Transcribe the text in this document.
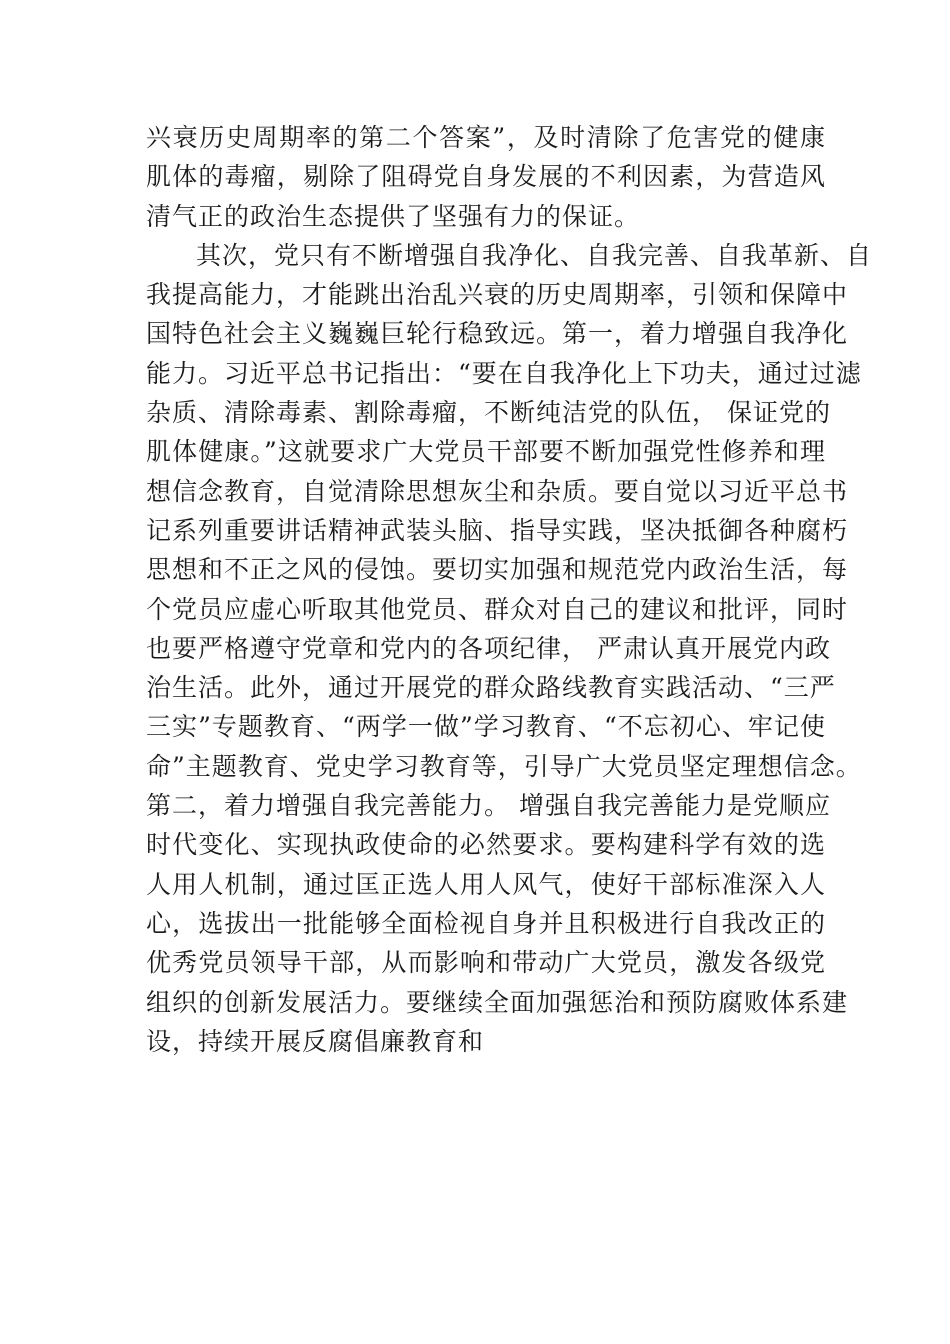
兴衰历史周期率的第二个答案”，及时清除了危害党的健康
肌体的毒瘤，剔除了阻碍党自身发展的不利因素，为营造风
清气正的政治生态提供了坚强有力的保证。
其次，党只有不断增强自我净化、自我完善、自我革新、自
我提高能力，才能跳出治乱兴衰的历史周期率，引领和保障中
国特色社会主义巍巍巨轮行稳致远。第一，着力增强自我净化
能力。习近平总书记指出：“要在自我净化上下功夫，通过过滤
杂质、清除毒素、割除毒瘤，不断纯洁党的队伍， 保证党的
肌体健康。”这就要求广大党员干部要不断加强党性修养和理
想信念教育，自觉清除思想灰尘和杂质。要自觉以习近平总书
记系列重要讲话精神武装头脑、指导实践，坚决抵御各种腐朽
思想和不正之风的侵蚀。要切实加强和规范党内政治生活，每
个党员应虚心听取其他党员、群众对自己的建议和批评，同时
也要严格遵守党章和党内的各项纪律， 严肃认真开展党内政
治生活。此外，通过开展党的群众路线教育实践活动、“三严
三实”专题教育、“两学一做”学习教育、“不忘初心、牢记使
命”主题教育、党史学习教育等，引导广大党员坚定理想信念。
第二，着力增强自我完善能力。 增强自我完善能力是党顺应
时代变化、实现执政使命的必然要求。要构建科学有效的选
人用人机制，通过匡正选人用人风气，使好干部标准深入人
心，选拔出一批能够全面检视自身并且积极进行自我改正的
优秀党员领导干部，从而影响和带动广大党员，激发各级党
组织的创新发展活力。要继续全面加强惩治和预防腐败体系建
设，持续开展反腐倡廉教育和
